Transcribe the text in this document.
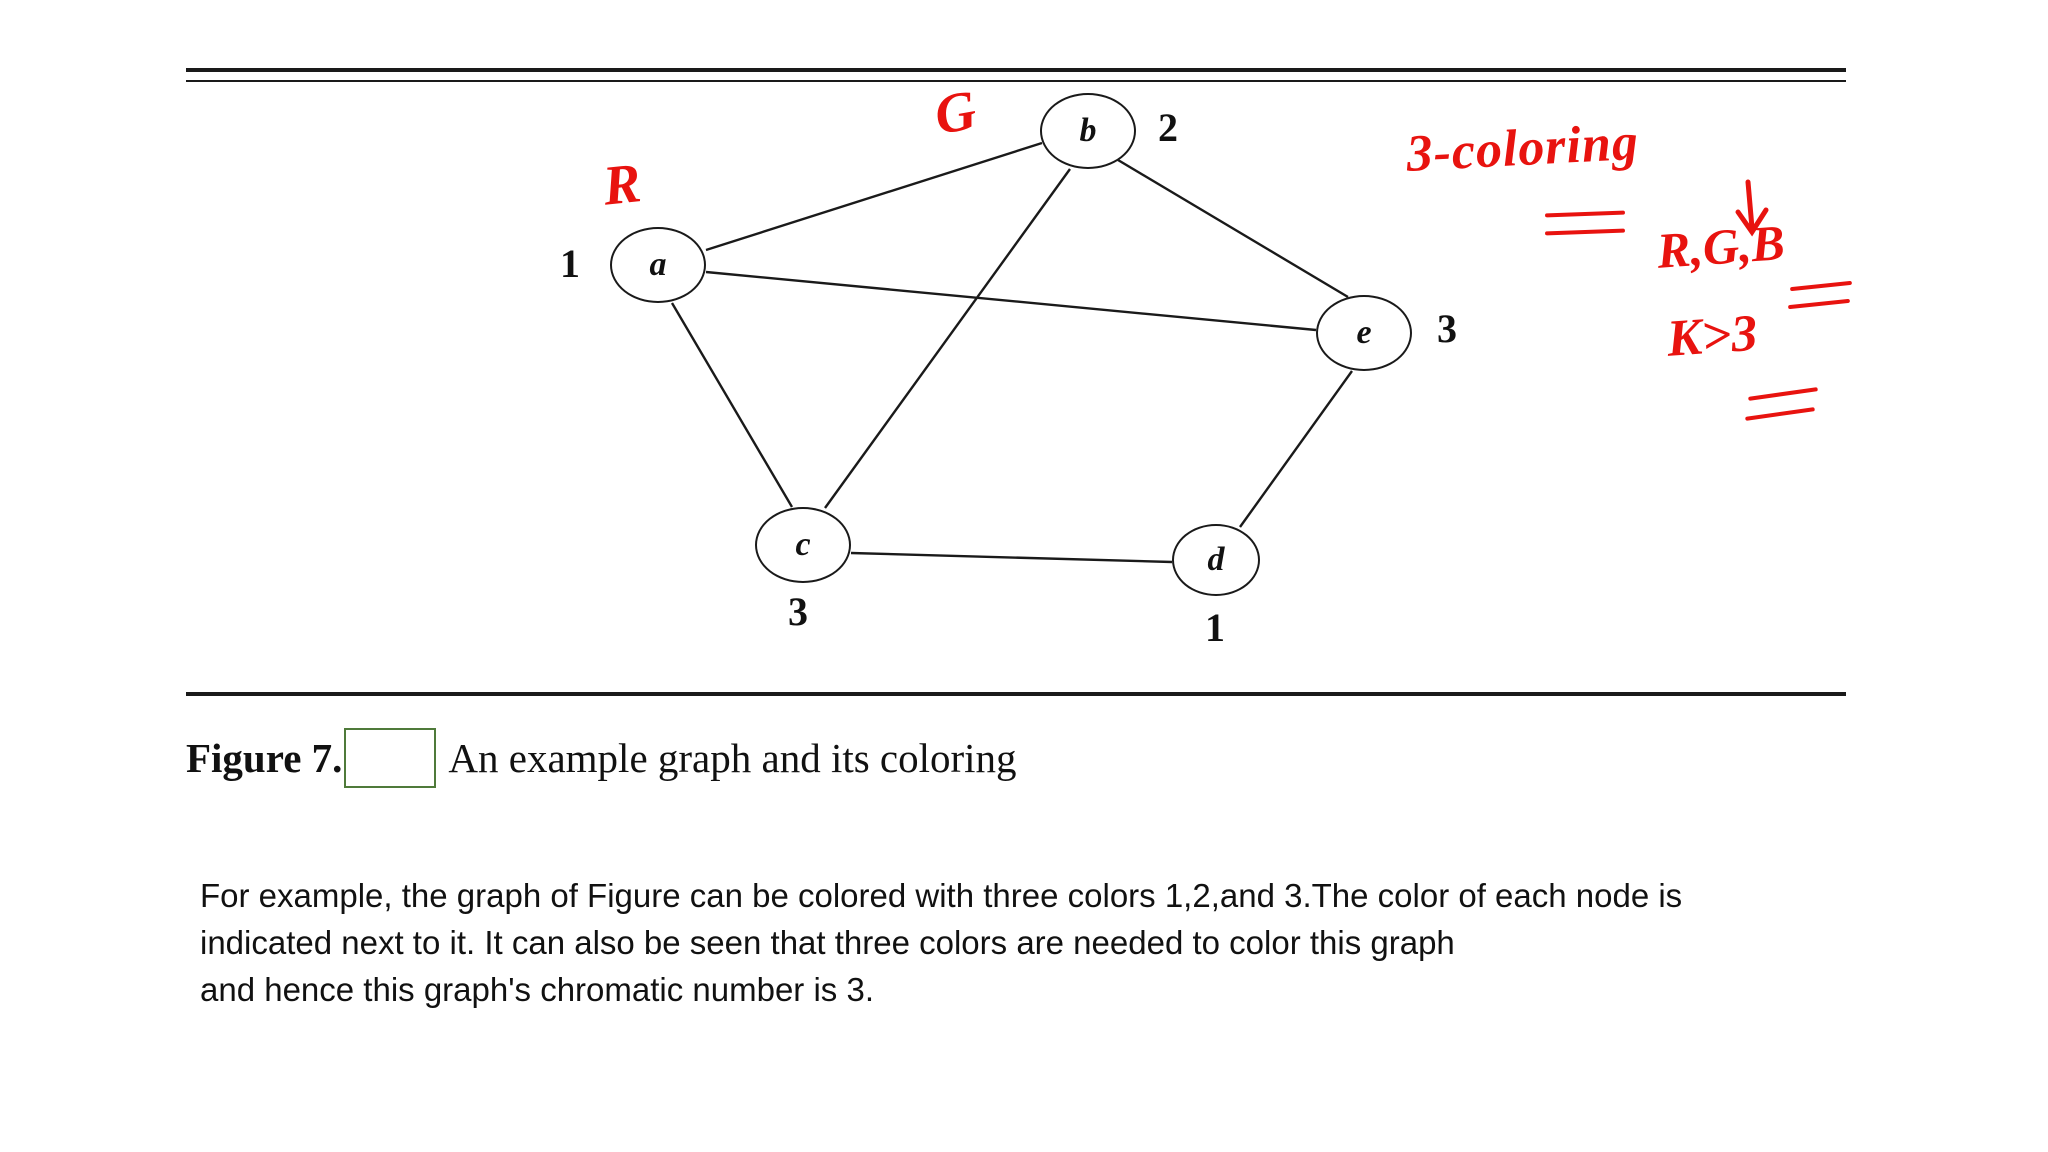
a
1
b 2
c
3
d
1
e 3
R
G
3-coloring
R,G,B
K>3
Figure 7.	An example graph and its coloring
For example, the graph of Figure can be colored with three colors 1,2,and 3.The color of each node is
indicated next to it. It can also be seen that three colors are needed to color this graph
and hence this graph's chromatic number is 3.
